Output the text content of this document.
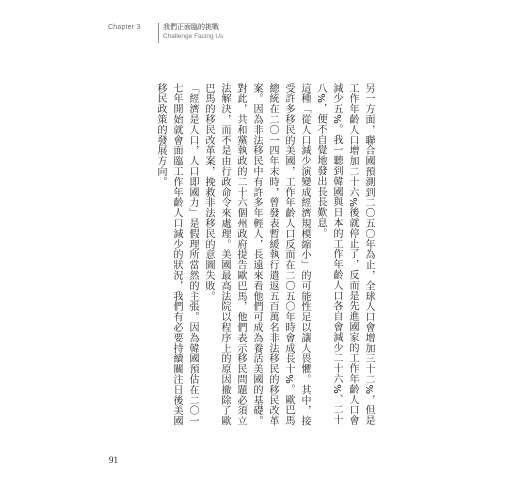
Chapter 3	我們正面臨的挑戰
Challenge Facing Us

另一方面，聯合國預測到二〇五〇年為止，全球人口會增加三十二%，但是工作年齡人口增加二十六%後就停止了，反而是先進國家的工作年齡人口會減少五%。我一聽到韓國與日本的工作年齡人口各自會減少二十六%、二十八%，便不自覺地發出長長歎息。

這種「從人口減少演變成經濟規模縮小」的可能性足以讓人畏懼。其中，接受許多移民的美國，工作年齡人口反而在二〇五〇年時會成長十%。歐巴馬總統在二〇一四年末時，曾發表暫緩執行遣返五百萬名非法移民的移民改革案。因為非法移民中有許多年輕人，長遠來看他們可成為養活美國的基礎。對此，共和黨執政的二十六個州政府提告歐巴馬，他們表示移民問題必須立法解決，而不是由行政命令來處理。美國最高法院以程序上的原因撤除了歐巴馬的移民改革案，挽救非法移民的意圖失敗。

「經濟是人口，人口即國力」是假理所當然的主張。因為韓國預估在二〇一七年開始就會面臨工作年齡人口減少的狀況，我們有必要持續關注日後美國移民政策的發展方向。

91
